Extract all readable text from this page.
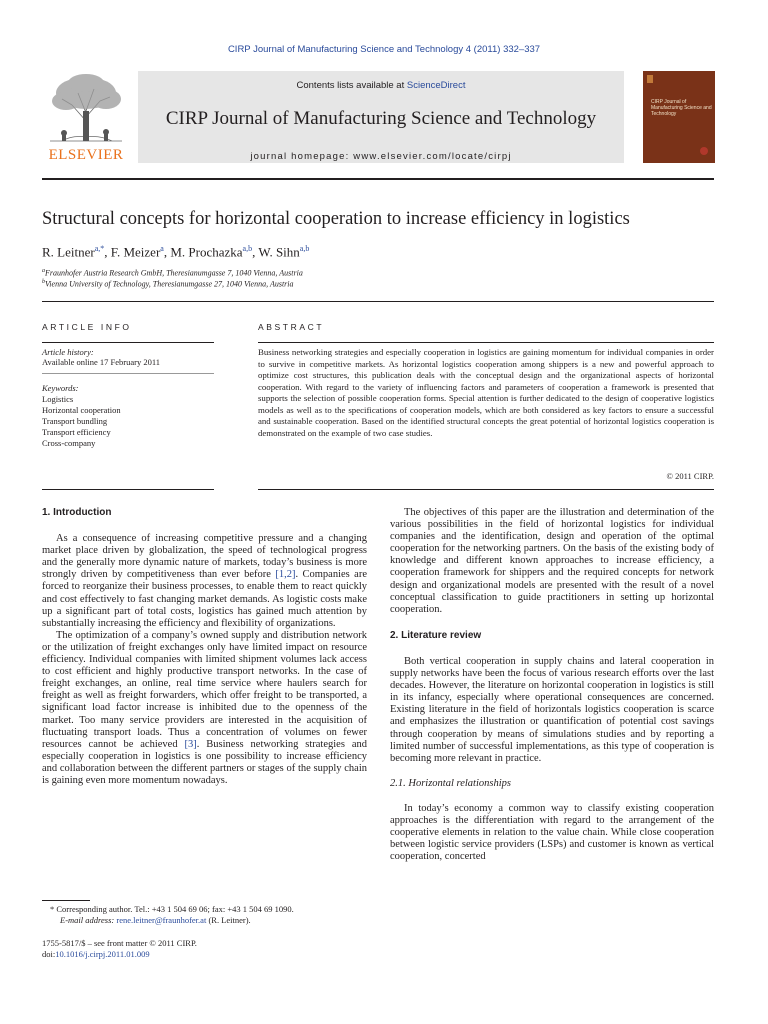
CIRP Journal of Manufacturing Science and Technology 4 (2011) 332–337
ELSEVIER
Contents lists available at ScienceDirect
CIRP Journal of Manufacturing Science and Technology
journal homepage: www.elsevier.com/locate/cirpj
CIRP Journal of Manufacturing Science and Technology
Structural concepts for horizontal cooperation to increase efficiency in logistics
R. Leitner$^{a,*}$, F. Meizer$^a$, M. Prochazka$^{a,b}$, W. Sihn$^{a,b}$
$^a$Fraunhofer Austria Research GmbH, Theresianumgasse 7, 1040 Vienna, Austria
$^b$Vienna University of Technology, Theresianumgasse 27, 1040 Vienna, Austria
ARTICLE INFO
Article history:
Available online 17 February 2011
Keywords:
Logistics
Horizontal cooperation
Transport bundling
Transport efficiency
Cross-company
ABSTRACT
Business networking strategies and especially cooperation in logistics are gaining momentum for individual companies in order to survive in competitive markets. As horizontal logistics cooperation among shippers is a new and powerful approach to optimize cost structures, this publication deals with the conceptual design and the organizational aspects of horizontal cooperation. With regard to the variety of influencing factors and parameters of cooperation a framework is presented that supports the selection of possible cooperation forms. Special attention is further dedicated to the design of cooperative logistics models as well as to the specifications of cooperation models, which are both considered as key factors to ensure a successful and sustainable cooperation. Based on the identified structural concepts the great potential of horizontal logistics cooperation is demonstrated on the example of two case studies.
© 2011 CIRP.
1. Introduction

As a consequence of increasing competitive pressure and a changing market place driven by globalization, the speed of technological progress and the generally more dynamic nature of markets, today’s business is more strongly driven by competitiveness than ever before [1,2]. Companies are forced to reorganize their business processes, to enable them to react quickly and cost effectively to fast changing market demands. As logistic costs make up a significant part of total costs, logistics has gained much attention by substantially increasing the efficiency and flexibility of organizations.

The optimization of a company’s owned supply and distribution network or the utilization of freight exchanges only have limited impact on resource efficiency. Individual companies with limited shipment volumes lack access to cost efficient and highly productive transport networks. In the case of freight exchanges, an online, real time service where haulers search for freight as well as freight forwarders, which offer freight to be transported, a significant load factor increase is inhibited due to the openness of the market. Too many service providers are interested in the acquisition of fluctuating transport loads. Thus a concentration of volumes on fewer resources cannot be achieved [3]. Business networking strategies and especially cooperation in logistics is one possibility to increase efficiency and collaboration between the different partners or stages of the supply chain is gaining even more momentum nowadays.

The objectives of this paper are the illustration and determination of the various possibilities in the field of horizontal logistics for individual companies and the identification, design and operation of the optimal cooperation for the networking partners. On the basis of the existing body of knowledge and different known approaches to increase efficiency, a cooperation framework for shippers and the required concepts for network design and organizational models are presented with the result of a novel conceptual classification to guide practitioners in setting up horizontal cooperation.

2. Literature review

Both vertical cooperation in supply chains and lateral cooperation in supply networks have been the focus of various research efforts over the last decades. However, the literature on horizontal cooperation in logistics is still in its infancy, especially where operational consequences are concerned. Existing literature in the field of horizontals logistics cooperation is scarce and emphasizes the illustration or quantification of potential cost savings through cooperation by means of simulations studies and by reporting a limited number of successful implementations, as this type of cooperation is becoming more relevant in practice.

2.1. Horizontal relationships

In today’s economy a common way to classify existing cooperation approaches is the differentiation with regard to the arrangement of the cooperative elements in relation to the value chain. While close cooperation between logistic service providers (LSPs) and customer is known as vertical cooperation, concerted

* Corresponding author. Tel.: +43 1 504 69 06; fax: +43 1 504 69 1090.
E-mail address: rene.leitner@fraunhofer.at (R. Leitner).
1755-5817/$ – see front matter © 2011 CIRP.
doi:10.1016/j.cirpj.2011.01.009
